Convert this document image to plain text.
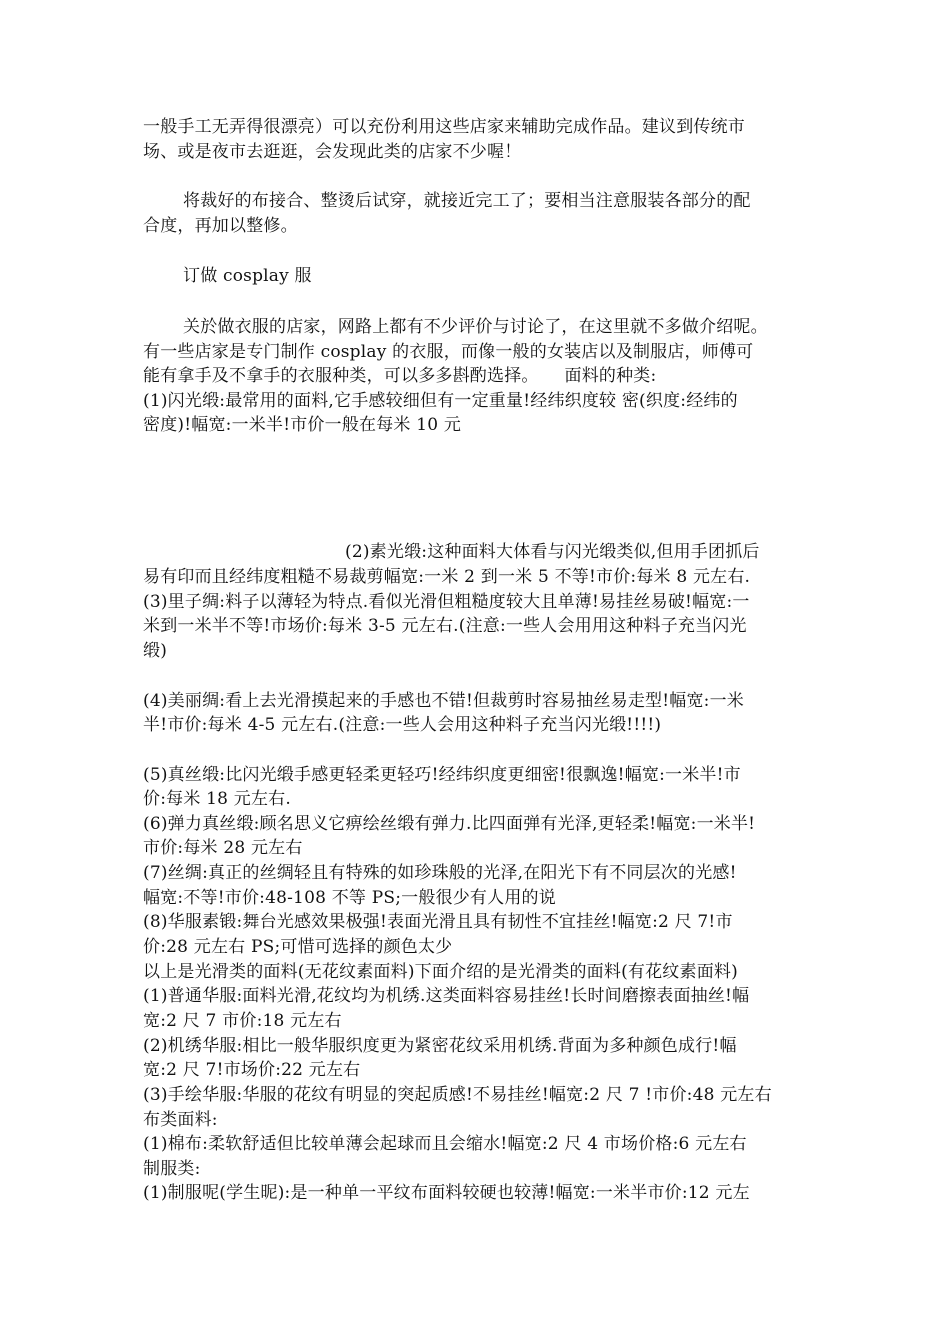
一般手工无弄得很漂亮）可以充份利用这些店家来辅助完成作品。建议到传统市
场、或是夜市去逛逛，会发现此类的店家不少喔！
将裁好的布接合、整烫后试穿，就接近完工了；要相当注意服装各部分的配
合度，再加以整修。
订做 cosplay 服
关於做衣服的店家，网路上都有不少评价与讨论了，在这里就不多做介绍呢。
有一些店家是专门制作 cosplay 的衣服，而像一般的女装店以及制服店，师傅可
能有拿手及不拿手的衣服种类，可以多多斟酌选择。　　面料的种类:
(1)闪光缎:最常用的面料,它手感较细但有一定重量!经纬织度较 密(织度:经纬的
密度)!幅宽:一米半!市价一般在每米 10 元
(2)素光缎:这种面料大体看与闪光缎类似,但用手团抓后
易有印而且经纬度粗糙不易裁剪幅宽:一米 2 到一米 5 不等!市价:每米 8 元左右.
(3)里子绸:料子以薄轻为特点.看似光滑但粗糙度较大且单薄!易挂丝易破!幅宽:一
米到一米半不等!市场价:每米 3-5 元左右.(注意:一些人会用用这种料子充当闪光
缎)
(4)美丽绸:看上去光滑摸起来的手感也不错!但裁剪时容易抽丝易走型!幅宽:一米
半!市价:每米 4-5 元左右.(注意:一些人会用这种料子充当闪光缎!!!!)
(5)真丝缎:比闪光缎手感更轻柔更轻巧!经纬织度更细密!很飘逸!幅宽:一米半!市
价:每米 18 元左右.
(6)弹力真丝缎:顾名思义它痹绘丝缎有弹力.比四面弹有光泽,更轻柔!幅宽:一米半!
市价:每米 28 元左右
(7)丝绸:真正的丝绸轻且有特殊的如珍珠般的光泽,在阳光下有不同层次的光感!
幅宽:不等!市价:48-108 不等 PS;一般很少有人用的说
(8)华服素锻:舞台光感效果极强!表面光滑且具有韧性不宜挂丝!幅宽:2 尺 7!市
价:28 元左右 PS;可惜可选择的颜色太少
以上是光滑类的面料(无花纹素面料)下面介绍的是光滑类的面料(有花纹素面料)
(1)普通华服:面料光滑,花纹均为机绣.这类面料容易挂丝!长时间磨擦表面抽丝!幅
宽:2 尺 7 市价:18 元左右
(2)机绣华服:相比一般华服织度更为紧密花纹采用机绣.背面为多种颜色成行!幅
宽:2 尺 7!市场价:22 元左右
(3)手绘华服:华服的花纹有明显的突起质感!不易挂丝!幅宽:2 尺 7 !市价:48 元左右
布类面料:
(1)棉布:柔软舒适但比较单薄会起球而且会缩水!幅宽:2 尺 4 市场价格:6 元左右
制服类:
(1)制服呢(学生昵):是一种单一平纹布面料较硬也较薄!幅宽:一米半市价:12 元左
